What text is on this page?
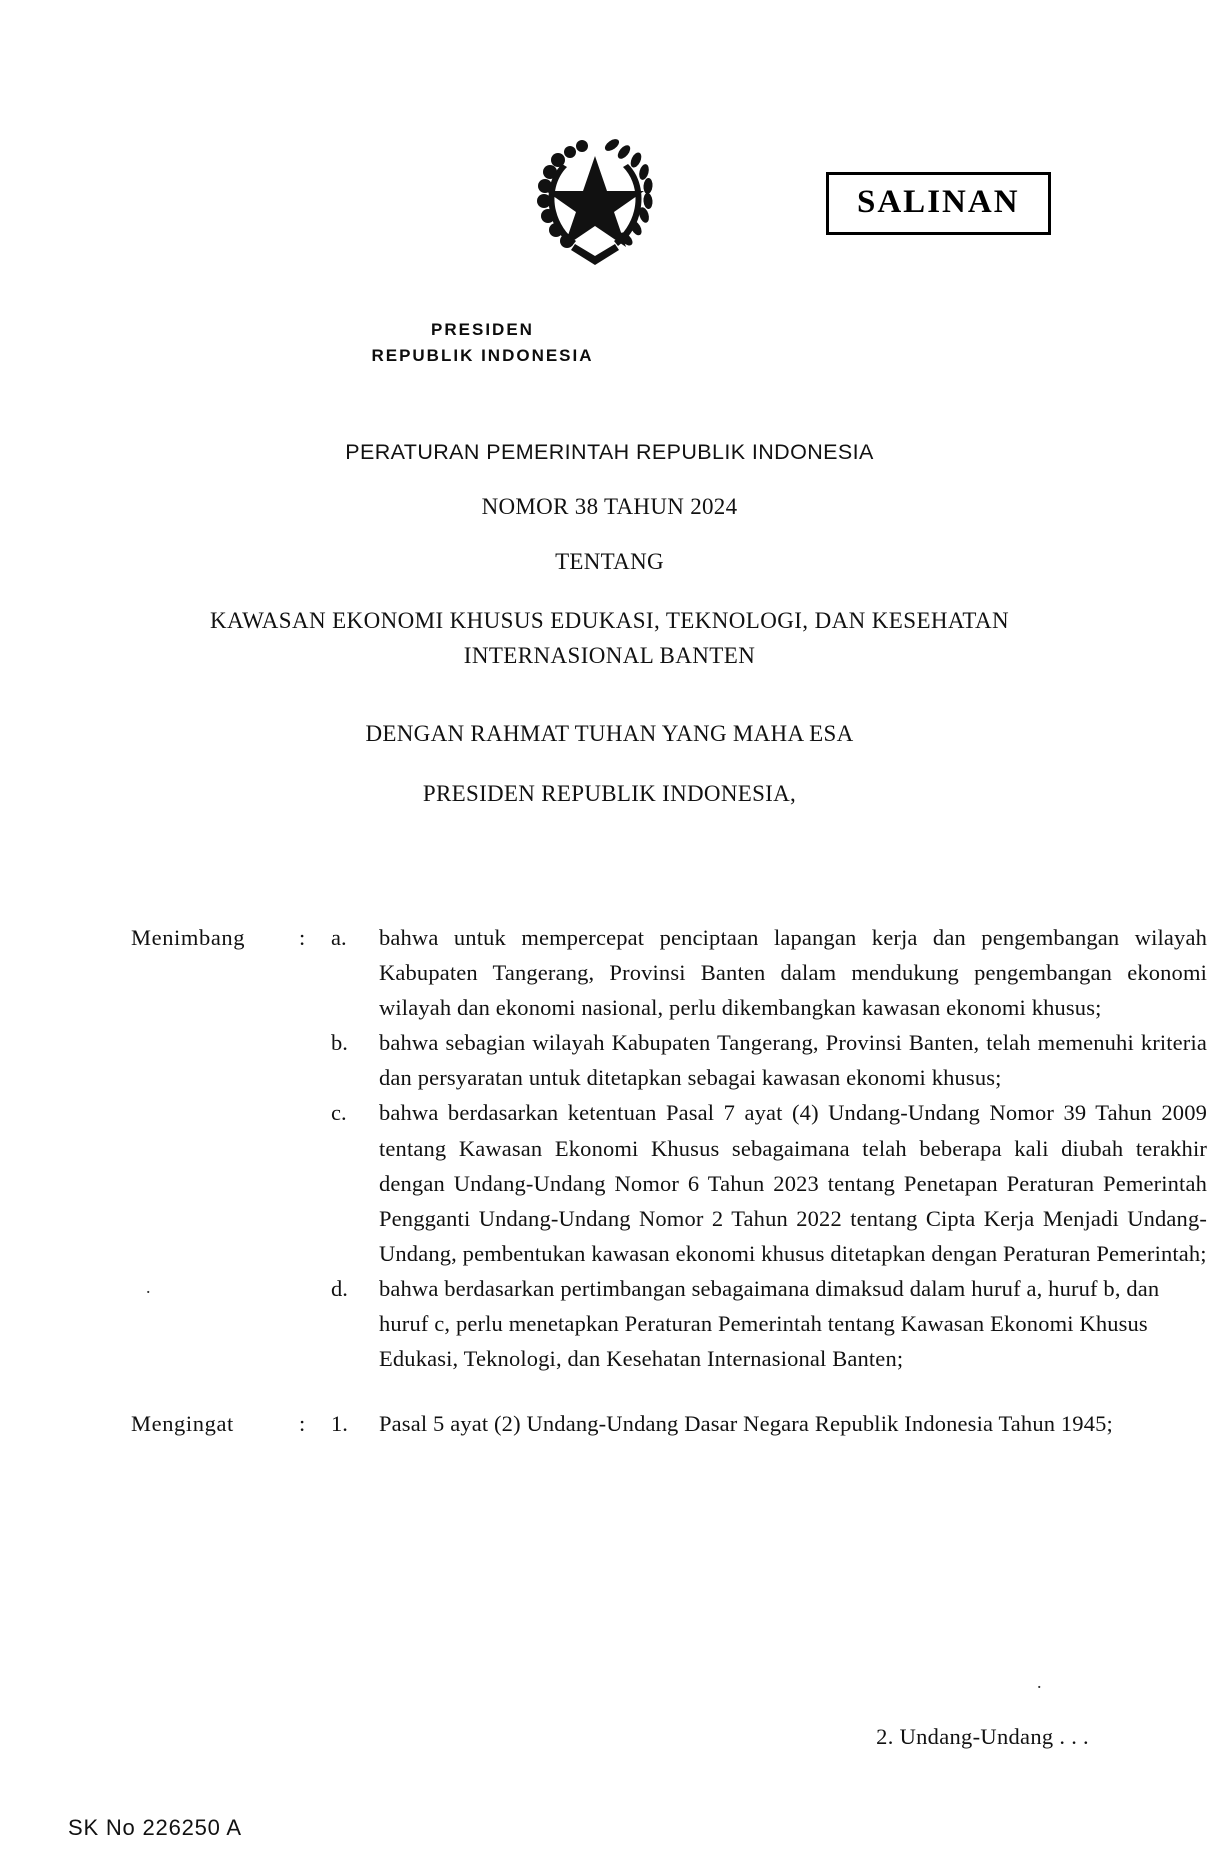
PRESIDEN
REPUBLIK INDONESIA
SALINAN
PERATURAN PEMERINTAH REPUBLIK INDONESIA
NOMOR 38 TAHUN 2024
TENTANG
KAWASAN EKONOMI KHUSUS EDUKASI, TEKNOLOGI, DAN KESEHATAN
INTERNASIONAL BANTEN
DENGAN RAHMAT TUHAN YANG MAHA ESA
PRESIDEN REPUBLIK INDONESIA,
Menimbang	:	a.	bahwa untuk mempercepat penciptaan lapangan kerja dan pengembangan wilayah Kabupaten Tangerang, Provinsi Banten dalam mendukung pengembangan ekonomi wilayah dan ekonomi nasional, perlu dikembangkan kawasan ekonomi khusus;
b.	bahwa sebagian wilayah Kabupaten Tangerang, Provinsi Banten, telah memenuhi kriteria dan persyaratan untuk ditetapkan sebagai kawasan ekonomi khusus;
c.	bahwa berdasarkan ketentuan Pasal 7 ayat (4) Undang-Undang Nomor 39 Tahun 2009 tentang Kawasan Ekonomi Khusus sebagaimana telah beberapa kali diubah terakhir dengan Undang-Undang Nomor 6 Tahun 2023 tentang Penetapan Peraturan Pemerintah Pengganti Undang-Undang Nomor 2 Tahun 2022 tentang Cipta Kerja Menjadi Undang-Undang, pembentukan kawasan ekonomi khusus ditetapkan dengan Peraturan Pemerintah;
d.	bahwa berdasarkan pertimbangan sebagaimana dimaksud dalam huruf a, huruf b, dan huruf c, perlu menetapkan Peraturan Pemerintah tentang Kawasan Ekonomi Khusus Edukasi, Teknologi, dan Kesehatan Internasional Banten;
Mengingat	:	1.	Pasal 5 ayat (2) Undang-Undang Dasar Negara Republik Indonesia Tahun 1945;
.
.
2. Undang-Undang . . .
SK No 226250 A
